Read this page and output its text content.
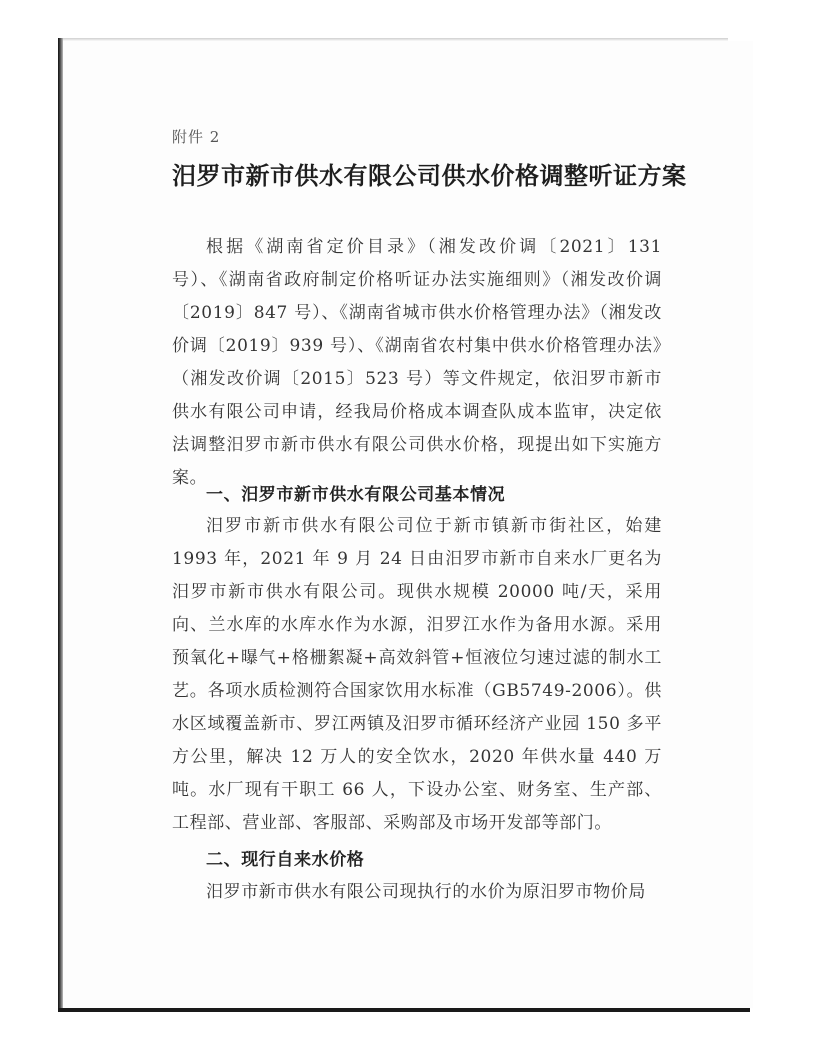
附件 2
汨罗市新市供水有限公司供水价格调整听证方案

根据《湖南省定价目录》（湘发改价调〔2021〕131 号）、《湖南省政府制定价格听证办法实施细则》（湘发改价调〔2019〕847 号）、《湖南省城市供水价格管理办法》（湘发改价调〔2019〕939 号）、《湖南省农村集中供水价格管理办法》（湘发改价调〔2015〕523 号）等文件规定，依汨罗市新市供水有限公司申请，经我局价格成本调查队成本监审，决定依法调整汨罗市新市供水有限公司供水价格，现提出如下实施方案。

一、汨罗市新市供水有限公司基本情况

汨罗市新市供水有限公司位于新市镇新市街社区，始建1993 年，2021 年 9 月 24 日由汨罗市新市自来水厂更名为汨罗市新市供水有限公司。现供水规模 20000 吨/天，采用向、兰水库的水库水作为水源，汨罗江水作为备用水源。采用预氧化+曝气+格栅絮凝+高效斜管+恒液位匀速过滤的制水工艺。各项水质检测符合国家饮用水标准（GB5749-2006）。供水区域覆盖新市、罗江两镇及汨罗市循环经济产业园 150 多平方公里，解决 12 万人的安全饮水，2020 年供水量 440 万吨。水厂现有干职工 66 人，下设办公室、财务室、生产部、工程部、营业部、客服部、采购部及市场开发部等部门。

二、现行自来水价格

汨罗市新市供水有限公司现执行的水价为原汨罗市物价局
